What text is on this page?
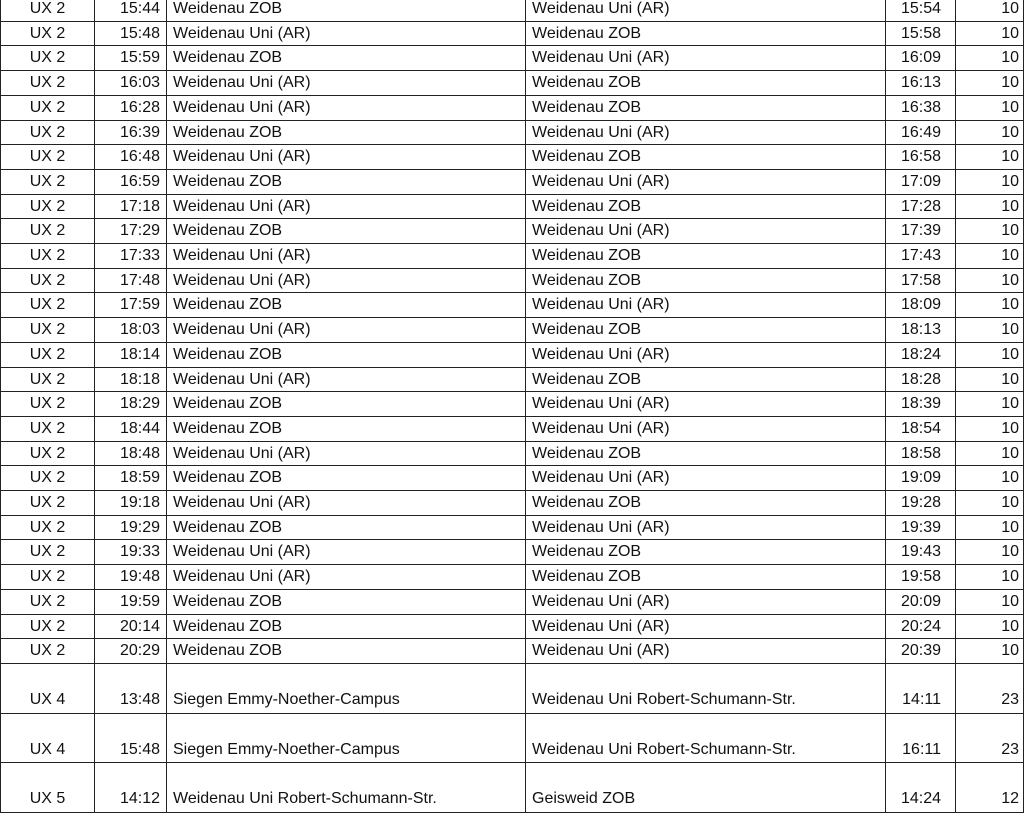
UX 2	15:44	Weidenau ZOB	Weidenau Uni (AR)	15:54	10
UX 2	15:48	Weidenau Uni (AR)	Weidenau ZOB	15:58	10
UX 2	15:59	Weidenau ZOB	Weidenau Uni (AR)	16:09	10
UX 2	16:03	Weidenau Uni (AR)	Weidenau ZOB	16:13	10
UX 2	16:28	Weidenau Uni (AR)	Weidenau ZOB	16:38	10
UX 2	16:39	Weidenau ZOB	Weidenau Uni (AR)	16:49	10
UX 2	16:48	Weidenau Uni (AR)	Weidenau ZOB	16:58	10
UX 2	16:59	Weidenau ZOB	Weidenau Uni (AR)	17:09	10
UX 2	17:18	Weidenau Uni (AR)	Weidenau ZOB	17:28	10
UX 2	17:29	Weidenau ZOB	Weidenau Uni (AR)	17:39	10
UX 2	17:33	Weidenau Uni (AR)	Weidenau ZOB	17:43	10
UX 2	17:48	Weidenau Uni (AR)	Weidenau ZOB	17:58	10
UX 2	17:59	Weidenau ZOB	Weidenau Uni (AR)	18:09	10
UX 2	18:03	Weidenau Uni (AR)	Weidenau ZOB	18:13	10
UX 2	18:14	Weidenau ZOB	Weidenau Uni (AR)	18:24	10
UX 2	18:18	Weidenau Uni (AR)	Weidenau ZOB	18:28	10
UX 2	18:29	Weidenau ZOB	Weidenau Uni (AR)	18:39	10
UX 2	18:44	Weidenau ZOB	Weidenau Uni (AR)	18:54	10
UX 2	18:48	Weidenau Uni (AR)	Weidenau ZOB	18:58	10
UX 2	18:59	Weidenau ZOB	Weidenau Uni (AR)	19:09	10
UX 2	19:18	Weidenau Uni (AR)	Weidenau ZOB	19:28	10
UX 2	19:29	Weidenau ZOB	Weidenau Uni (AR)	19:39	10
UX 2	19:33	Weidenau Uni (AR)	Weidenau ZOB	19:43	10
UX 2	19:48	Weidenau Uni (AR)	Weidenau ZOB	19:58	10
UX 2	19:59	Weidenau ZOB	Weidenau Uni (AR)	20:09	10
UX 2	20:14	Weidenau ZOB	Weidenau Uni (AR)	20:24	10
UX 2	20:29	Weidenau ZOB	Weidenau Uni (AR)	20:39	10
UX 4	13:48	Siegen Emmy-Noether-Campus	Weidenau Uni Robert-Schumann-Str.	14:11	23
UX 4	15:48	Siegen Emmy-Noether-Campus	Weidenau Uni Robert-Schumann-Str.	16:11	23
UX 5	14:12	Weidenau Uni Robert-Schumann-Str.	Geisweid ZOB	14:24	12
